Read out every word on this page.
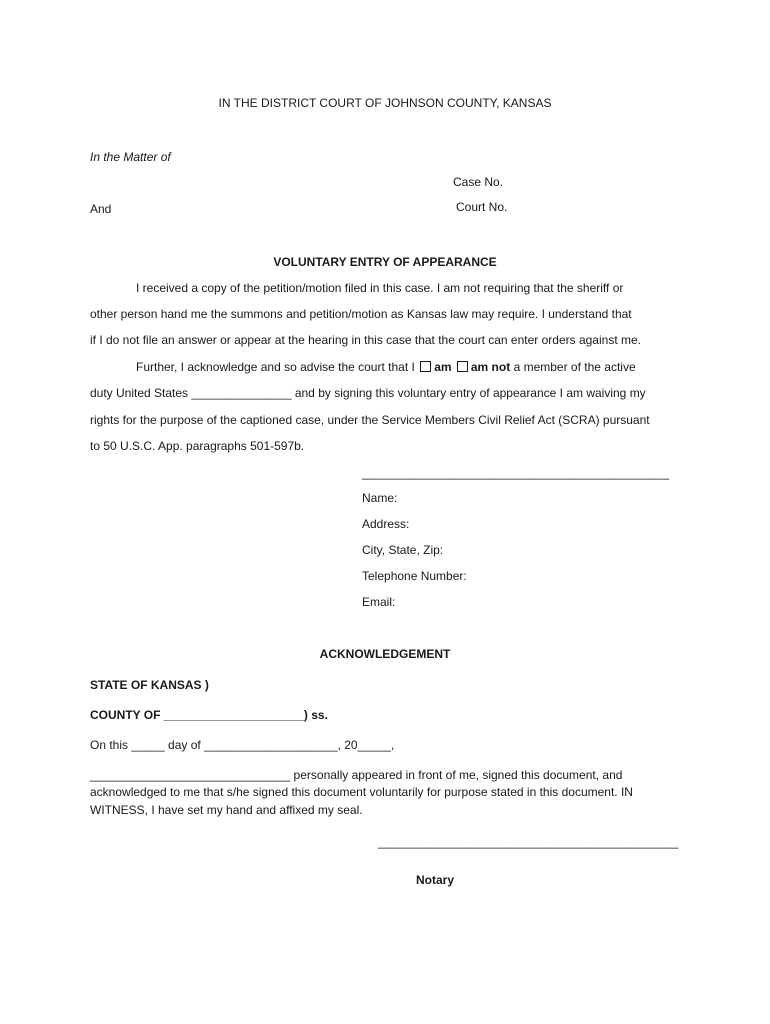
IN THE DISTRICT COURT OF JOHNSON COUNTY, KANSAS
In the Matter of
Case No.
And	Court No.
VOLUNTARY ENTRY OF APPEARANCE
I received a copy of the petition/motion filed in this case. I am not requiring that the sheriff or
other person hand me the summons and petition/motion as Kansas law may require. I understand that
if I do not file an answer or appear at the hearing in this case that the court can enter orders against me.
Further, I acknowledge and so advise the court that I am am not a member of the active
duty United States _______________ and by signing this voluntary entry of appearance I am waiving my
rights for the purpose of the captioned case, under the Service Members Civil Relief Act (SCRA) pursuant
to 50 U.S.C. App. paragraphs 501-597b.
______________________________________________
Name:
Address:
City, State, Zip:
Telephone Number:
Email:
ACKNOWLEDGEMENT
STATE OF KANSAS )
COUNTY OF _____________________) ss.
On this _____ day of ____________________, 20_____,
______________________________ personally appeared in front of me, signed this document, and
acknowledged to me that s/he signed this document voluntarily for purpose stated in this document. IN
WITNESS, I have set my hand and affixed my seal.
_____________________________________________
Notary
